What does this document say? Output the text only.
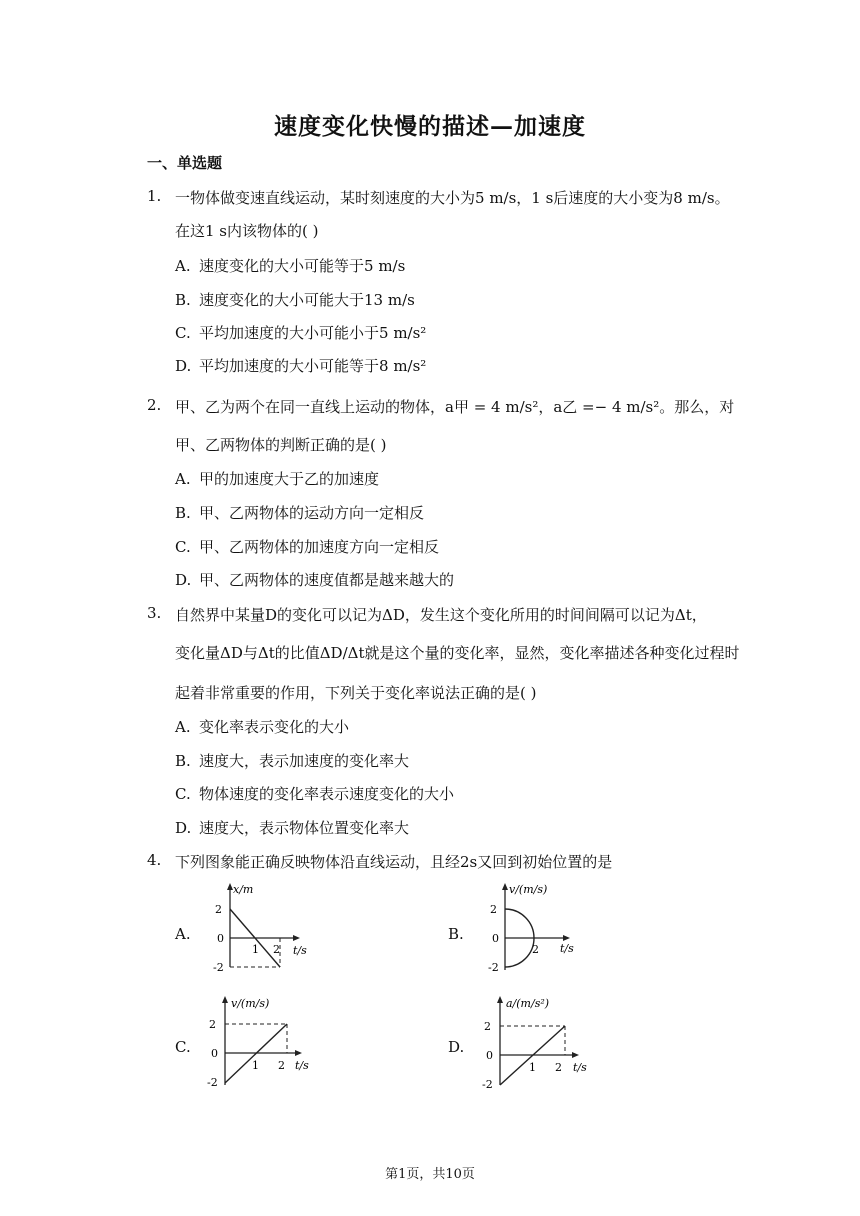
速度变化快慢的描述—加速度
一、单选题
1. 一物体做变速直线运动，某时刻速度的大小为5 m/s，1 s后速度的大小变为8 m/s。
在这1 s内该物体的( )
A. 速度变化的大小可能等于5 m/s
B. 速度变化的大小可能大于13 m/s
C. 平均加速度的大小可能小于5 m/s²
D. 平均加速度的大小可能等于8 m/s²
2. 甲、乙为两个在同一直线上运动的物体，a甲 = 4 m/s²，a乙 =− 4 m/s²。那么，对
甲、乙两物体的判断正确的是( )
A. 甲的加速度大于乙的加速度
B. 甲、乙两物体的运动方向一定相反
C. 甲、乙两物体的加速度方向一定相反
D. 甲、乙两物体的速度值都是越来越大的
3. 自然界中某量D的变化可以记为ΔD，发生这个变化所用的时间间隔可以记为Δt，
变化量ΔD与Δt的比值ΔD/Δt就是这个量的变化率，显然，变化率描述各种变化过程时
起着非常重要的作用，下列关于变化率说法正确的是( )
A. 变化率表示变化的大小
B. 速度大，表示加速度的变化率大
C. 物体速度的变化率表示速度变化的大小
D. 速度大，表示物体位置变化率大
4. 下列图象能正确反映物体沿直线运动，且经2s又回到初始位置的是
A.
x/m
2
0
-2
1 2 t/s
B.
v/(m/s)
2
0
-2
2 t/s
C.
v/(m/s)
2
0
-2
1 2 t/s
D.
a/(m/s²)
2
0
-2
1 2 t/s
第1页，共10页
